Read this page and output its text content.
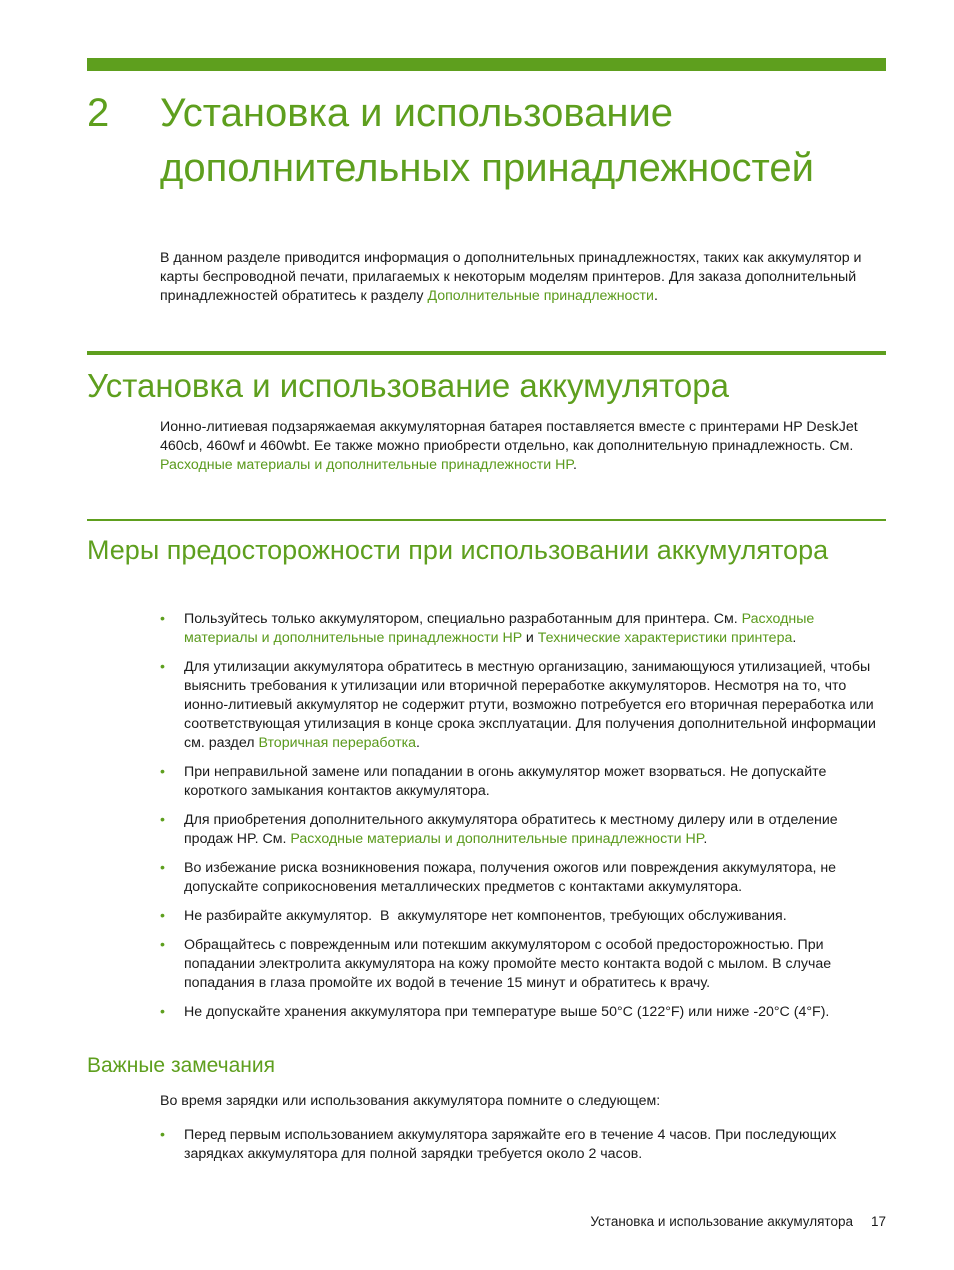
2 Установка и использование дополнительных принадлежностей

В данном разделе приводится информация о дополнительных принадлежностях, таких как аккумулятор и карты беспроводной печати, прилагаемых к некоторым моделям принтеров. Для заказа дополнительный принадлежностей обратитесь к разделу Дополнительные принадлежности.

Установка и использование аккумулятора

Ионно-литиевая подзаряжаемая аккумуляторная батарея поставляется вместе с принтерами HP DeskJet 460cb, 460wf и 460wbt. Ее также можно приобрести отдельно, как дополнительную принадлежность. См. Расходные материалы и дополнительные принадлежности HP.

Меры предосторожности при использовании аккумулятора
• Пользуйтесь только аккумулятором, специально разработанным для принтера. См. Расходные материалы и дополнительные принадлежности HP и Технические характеристики принтера.
• Для утилизации аккумулятора обратитесь в местную организацию, занимающуюся утилизацией, чтобы выяснить требования к утилизации или вторичной переработке аккумуляторов. Несмотря на то, что ионно-литиевый аккумулятор не содержит ртути, возможно потребуется его вторичная переработка или соответствующая утилизация в конце срока эксплуатации. Для получения дополнительной информации см. раздел Вторичная переработка.
• При неправильной замене или попадании в огонь аккумулятор может взорваться. Не допускайте короткого замыкания контактов аккумулятора.
• Для приобретения дополнительного аккумулятора обратитесь к местному дилеру или в отделение продаж HP. См. Расходные материалы и дополнительные принадлежности HP.
• Во избежание риска возникновения пожара, получения ожогов или повреждения аккумулятора, не допускайте соприкосновения металлических предметов с контактами аккумулятора.
• Не разбирайте аккумулятор.  В  аккумуляторе нет компонентов, требующих обслуживания.
• Обращайтесь с поврежденным или потекшим аккумулятором с особой предосторожностью. При попадании электролита аккумулятора на кожу промойте место контакта водой с мылом. В случае попадания в глаза промойте их водой в течение 15 минут и обратитесь к врачу.
• Не допускайте хранения аккумулятора при температуре выше 50°C (122°F) или ниже -20°C (4°F).
Важные замечания

Во время зарядки или использования аккумулятора помните о следующем:

• Перед первым использованием аккумулятора заряжайте его в течение 4 часов. При последующих зарядках аккумулятора для полной зарядки требуется около 2 часов.
Установка и использование аккумулятора 17
